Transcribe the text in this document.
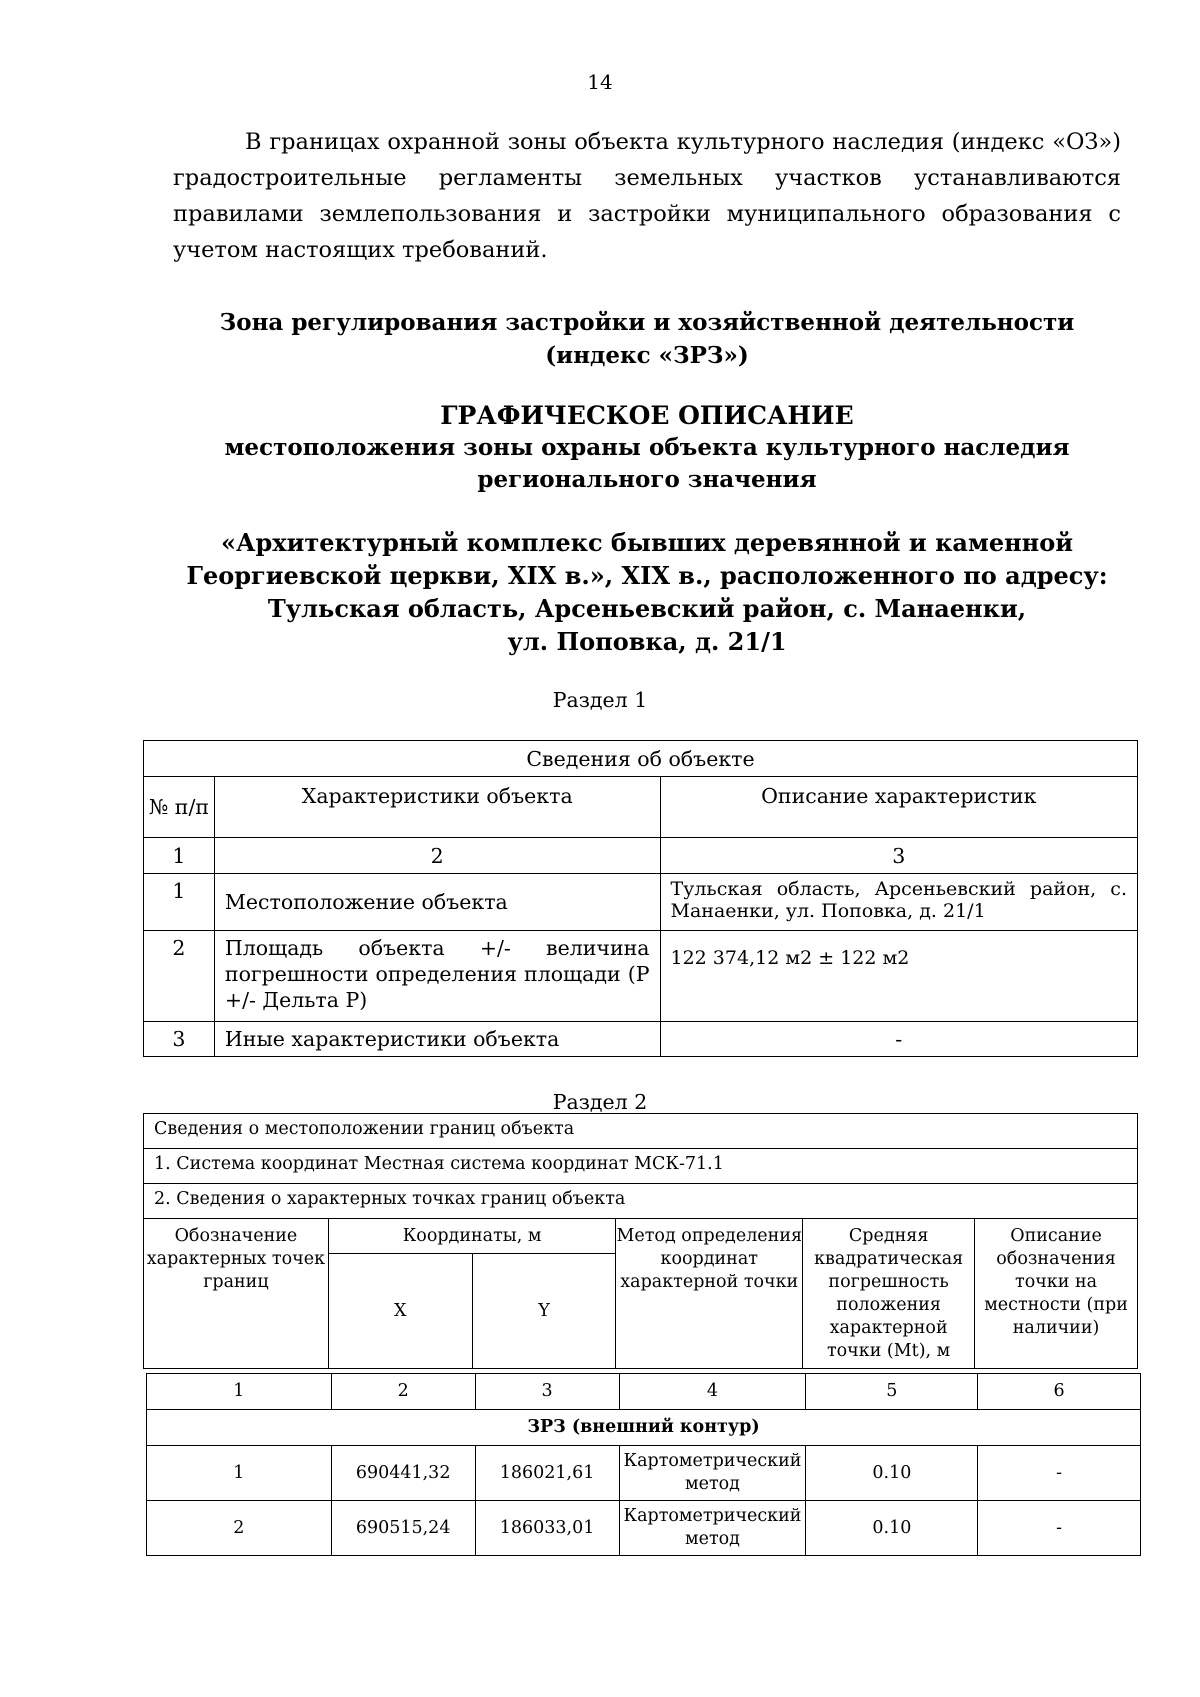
14

В границах охранной зоны объекта культурного наследия (индекс «ОЗ») градостроительные регламенты земельных участков устанавливаются правилами землепользования и застройки муниципального образования с учетом настоящих требований.

Зона регулирования застройки и хозяйственной деятельности
(индекс «ЗРЗ»)
ГРАФИЧЕСКОЕ ОПИСАНИЕ
местоположения зоны охраны объекта культурного наследия
регионального значения
«Архитектурный комплекс бывших деревянной и каменной
Георгиевской церкви, XIX в.», XIX в., расположенного по адресу:
Тульская область, Арсеньевский район, с. Манаенки,
ул. Поповка, д. 21/1
Раздел 1
Сведения об объекте		
№ п/п	Характеристики объекта	Описание характеристик
1	2	3
1	Местоположение объекта	Тульская область, Арсеньевский район, с. Манаенки, ул. Поповка, д. 21/1
2	Площадь объекта +/- величина погрешности определения площади (Р +/- Дельта Р)	122 374,12 м2 ± 122 м2
3	Иные характеристики объекта	-
Раздел 2
Сведения о местоположении границ объекта					
1. Система координат Местная система координат МСК-71.1					
2. Сведения о характерных точках границ объекта					
Обозначение характерных точек границ	Координаты, м		Метод определения координат характерной точки	Средняя квадратическая погрешность положения характерной точки (Mt), м	Описание обозначения точки на местности (при наличии)
	X	Y			
1	2	3	4	5	6
ЗРЗ (внешний контур)					
1	690441,32	186021,61	Картометрический метод	0.10	-
2	690515,24	186033,01	Картометрический метод	0.10	-
